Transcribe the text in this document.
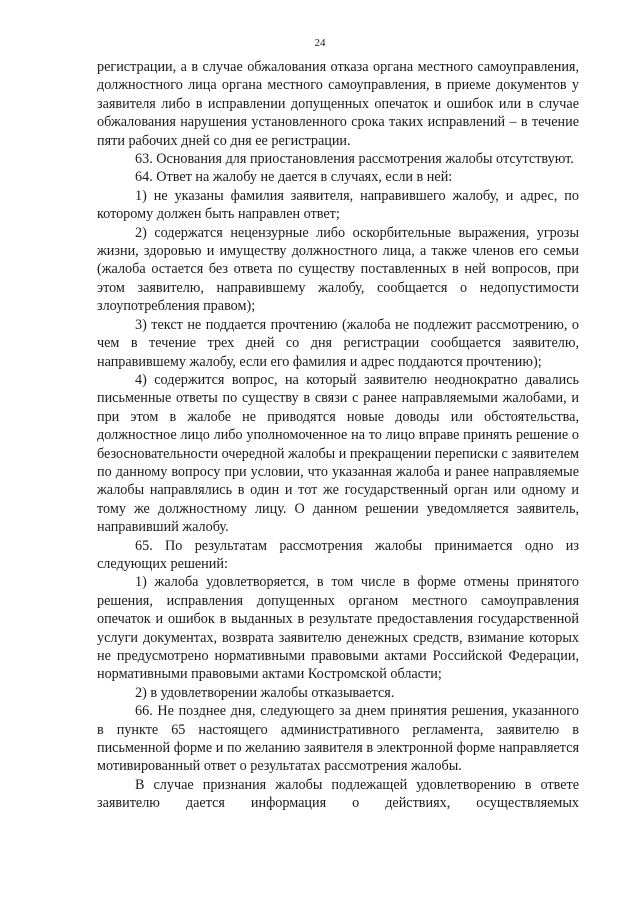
24

регистрации, а в случае обжалования отказа органа местного самоуправления, должностного лица органа местного самоуправления, в приеме документов у заявителя либо в исправлении допущенных опечаток и ошибок или в случае обжалования нарушения установленного срока таких исправлений – в течение пяти рабочих дней со дня ее регистрации.

63. Основания для приостановления рассмотрения жалобы отсутствуют.

64. Ответ на жалобу не дается в случаях, если в ней:

1) не указаны фамилия заявителя, направившего жалобу, и адрес, по которому должен быть направлен ответ;

2) содержатся нецензурные либо оскорбительные выражения, угрозы жизни, здоровью и имуществу должностного лица, а также членов его семьи (жалоба остается без ответа по существу поставленных в ней вопросов, при этом заявителю, направившему жалобу, сообщается о недопустимости злоупотребления правом);

3) текст не поддается прочтению (жалоба не подлежит рассмотрению, о чем в течение трех дней со дня регистрации сообщается заявителю, направившему жалобу, если его фамилия и адрес поддаются прочтению);

4) содержится вопрос, на который заявителю неоднократно давались письменные ответы по существу в связи с ранее направляемыми жалобами, и при этом в жалобе не приводятся новые доводы или обстоятельства, должностное лицо либо уполномоченное на то лицо вправе принять решение о безосновательности очередной жалобы и прекращении переписки с заявителем по данному вопросу при условии, что указанная жалоба и ранее направляемые жалобы направлялись в один и тот же государственный орган или одному и тому же должностному лицу. О данном решении уведомляется заявитель, направивший жалобу.

65. По результатам рассмотрения жалобы принимается одно из следующих решений:

1) жалоба удовлетворяется, в том числе в форме отмены принятого решения, исправления допущенных органом местного самоуправления опечаток и ошибок в выданных в результате предоставления государственной услуги документах, возврата заявителю денежных средств, взимание которых не предусмотрено нормативными правовыми актами Российской Федерации, нормативными правовыми актами Костромской области;

2) в удовлетворении жалобы отказывается.

66. Не позднее дня, следующего за днем принятия решения, указанного в пункте 65 настоящего административного регламента, заявителю в письменной форме и по желанию заявителя в электронной форме направляется мотивированный ответ о результатах рассмотрения жалобы.

В случае признания жалобы подлежащей удовлетворению в ответе заявителю дается информация о действиях, осуществляемых
